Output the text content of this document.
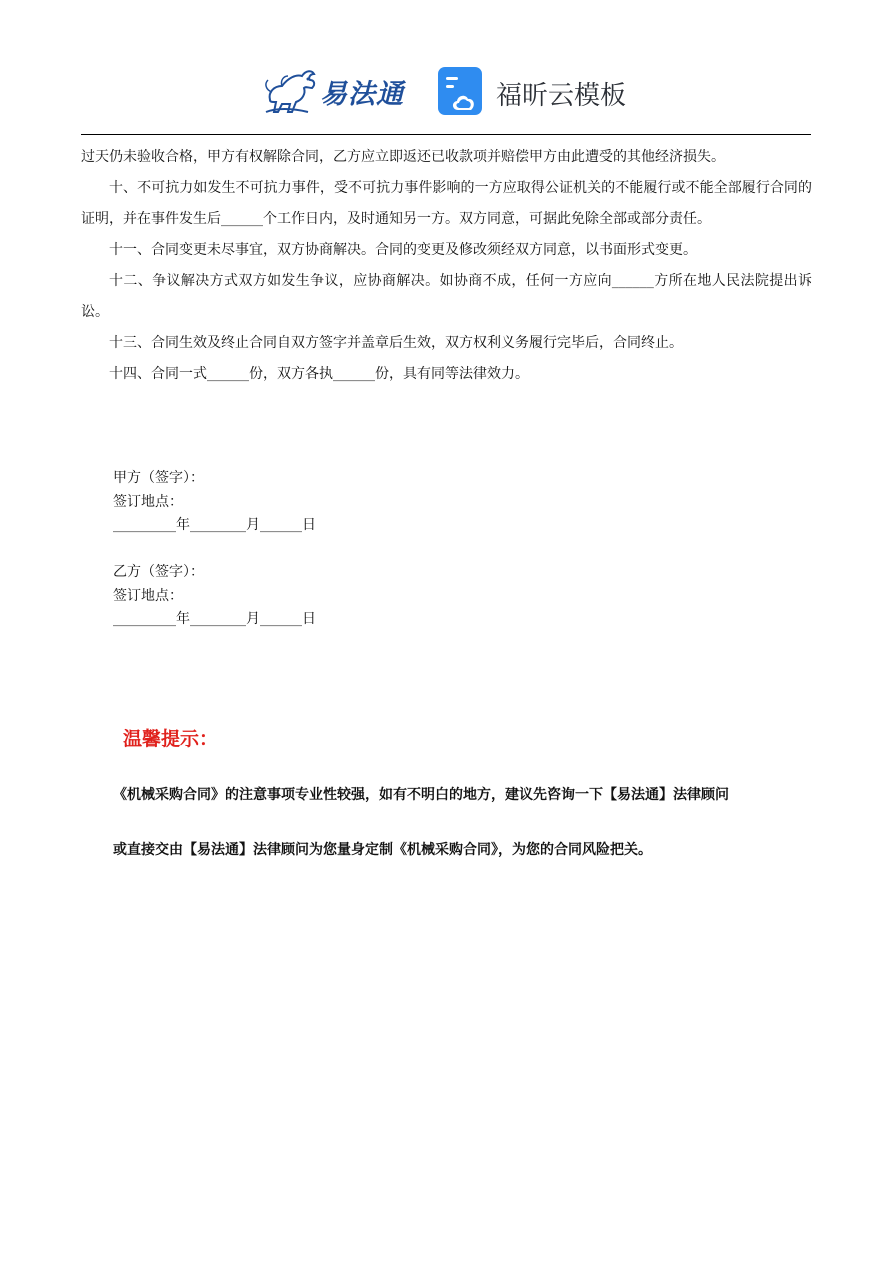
易法通	福昕云模板

过天仍未验收合格，甲方有权解除合同，乙方应立即返还已收款项并赔偿甲方由此遭受的其他经济损失。

十、不可抗力如发生不可抗力事件，受不可抗力事件影响的一方应取得公证机关的不能履行或不能全部履行合同的证明，并在事件发生后______个工作日内，及时通知另一方。双方同意，可据此免除全部或部分责任。

十一、合同变更未尽事宜，双方协商解决。合同的变更及修改须经双方同意，以书面形式变更。

十二、争议解决方式双方如发生争议，应协商解决。如协商不成，任何一方应向______方所在地人民法院提出诉讼。

十三、合同生效及终止合同自双方签字并盖章后生效，双方权利义务履行完毕后，合同终止。

十四、合同一式______份，双方各执______份，具有同等法律效力。

甲方（签字）：
签订地点：
_________年________月______日
乙方（签字）：
签订地点：
_________年________月______日
温馨提示：
《机械采购合同》的注意事项专业性较强，如有不明白的地方，建议先咨询一下【易法通】法律顾问
或直接交由【易法通】法律顾问为您量身定制《机械采购合同》，为您的合同风险把关。
